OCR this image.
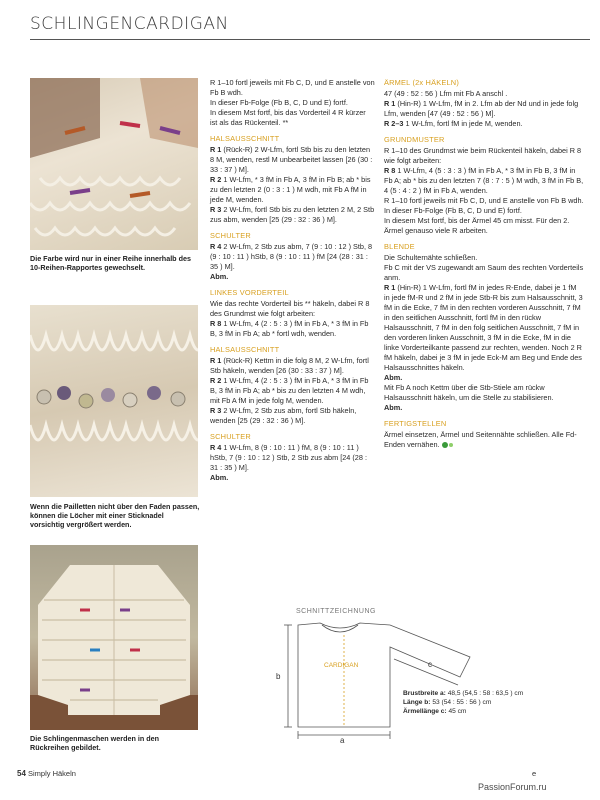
SCHLINGENCARDIGAN
Die Farbe wird nur in einer Reihe innerhalb des 10-Reihen-Rapportes gewechselt.
Wenn die Pailletten nicht über den Faden passen, können die Löcher mit einer Sticknadel vorsichtig vergrößert werden.
Die Schlingenmaschen werden in den Rückreihen gebildet.

R 1–10 fortl jeweils mit Fb C, D, und E anstelle von Fb B wdh.

In dieser Fb-Folge (Fb B, C, D und E) fortf.

In diesem Mst fortf, bis das Vorderteil 4 R kürzer ist als das Rückenteil. **

HALSAUSSCHNITT

R 1 (Rück-R) 2 W-Lfm, fortl Stb bis zu den letzten 8 M, wenden, restl M unbearbeitet lassen [26 (30 : 33 : 37 ) M].

R 2 1 W-Lfm, * 3 fM in Fb A, 3 fM in Fb B; ab * bis zu den letzten 2 (0 : 3 : 1 ) M wdh, mit Fb A fM in jede M, wenden.

R 3 2 W-Lfm, fortl Stb bis zu den letzten 2 M, 2 Stb zus abm, wenden [25 (29 : 32 : 36 ) M].

SCHULTER

R 4 2 W-Lfm, 2 Stb zus abm, 7 (9 : 10 : 12 ) Stb, 8 (9 : 10 : 11 ) hStb, 8 (9 : 10 : 11 ) fM [24 (28 : 31 : 35 ) M].

Abm.

LINKES VORDERTEIL

Wie das rechte Vorderteil bis ** häkeln, dabei R 8 des Grundmst wie folgt arbeiten:

R 8 1 W-Lfm, 4 (2 : 5 : 3 ) fM in Fb A, * 3 fM in Fb B, 3 fM in Fb A; ab * fortl wdh, wenden.

HALSAUSSCHNITT

R 1 (Rück-R) Kettm in die folg 8 M, 2 W-Lfm, fortl Stb häkeln, wenden [26 (30 : 33 : 37 ) M].

R 2 1 W-Lfm, 4 (2 : 5 : 3 ) fM in Fb A, * 3 fM in Fb B, 3 fM in Fb A; ab * bis zu den letzten 4 M wdh, mit Fb A fM in jede folg M, wenden.

R 3 2 W-Lfm, 2 Stb zus abm, fortl Stb häkeln, wenden [25 (29 : 32 : 36 ) M].

SCHULTER

R 4 1 W-Lfm, 8 (9 : 10 : 11 ) fM, 8 (9 : 10 : 11 ) hStb, 7 (9 : 10 : 12 ) Stb, 2 Stb zus abm [24 (28 : 31 : 35 ) M].

Abm.

ÄRMEL (2x HÄKELN)

47 (49 : 52 : 56 ) Lfm mit Fb A anschl .

R 1 (Hin-R) 1 W-Lfm, fM in 2. Lfm ab der Nd und in jede folg Lfm, wenden [47 (49 : 52 : 56 ) M].

R 2–3 1 W-Lfm, fortl fM in jede M, wenden.

GRUNDMUSTER

R 1–10 des Grundmst wie beim Rückenteil häkeln, dabei R 8 wie folgt arbeiten:

R 8 1 W-Lfm, 4 (5 : 3 : 3 ) fM in Fb A, * 3 fM in Fb B, 3 fM in Fb A; ab * bis zu den letzten 7 (8 : 7 : 5 ) M wdh, 3 fM in Fb B, 4 (5 : 4 : 2 ) fM in Fb A, wenden.

R 1–10 fortl jeweils mit Fb C, D, und E anstelle von Fb B wdh.

In dieser Fb-Folge (Fb B, C, D und E) fortf.

In diesem Mst fortf, bis der Ärmel 45 cm misst. Für den 2. Ärmel genauso viele R arbeiten.

BLENDE

Die Schulternähte schließen.

Fb C mit der VS zugewandt am Saum des rechten Vorderteils anm.

R 1 (Hin-R) 1 W-Lfm, fortl fM in jedes R-Ende, dabei je 1 fM in jede fM-R und 2 fM in jede Stb-R bis zum Halsausschnitt, 3 fM in die Ecke, 7 fM in den rechten vorderen Ausschnitt, 7 fM in den seitlichen Ausschnitt, fortl fM in den rückw Halsausschnitt, 7 fM in den folg seitlichen Ausschnitt, 7 fM in den vorderen linken Ausschnitt, 3 fM in die Ecke, fM in die linke Vorderteilkante passend zur rechten, wenden. Noch 2 R fM häkeln, dabei je 3 fM in jede Eck-M am Beg und Ende des Halsausschnittes häkeln.

Abm.

Mit Fb A noch Kettm über die Stb-Stiele am rückw Halsausschnitt häkeln, um die Stelle zu stabilisieren.

Abm.

FERTIGSTELLEN

Ärmel einsetzen, Ärmel und Seitennähte schließen. Alle Fd-Enden vernähen.

SCHNITTZEICHNUNG
CARDIGAN
a
b
c
Brustbreite a: 48,5 (54,5 : 58 : 63,5 ) cm
Länge b: 53 (54 : 55 : 56 ) cm
Ärmellänge c: 45 cm
54 Simply Häkeln	e
PassionForum.ru
